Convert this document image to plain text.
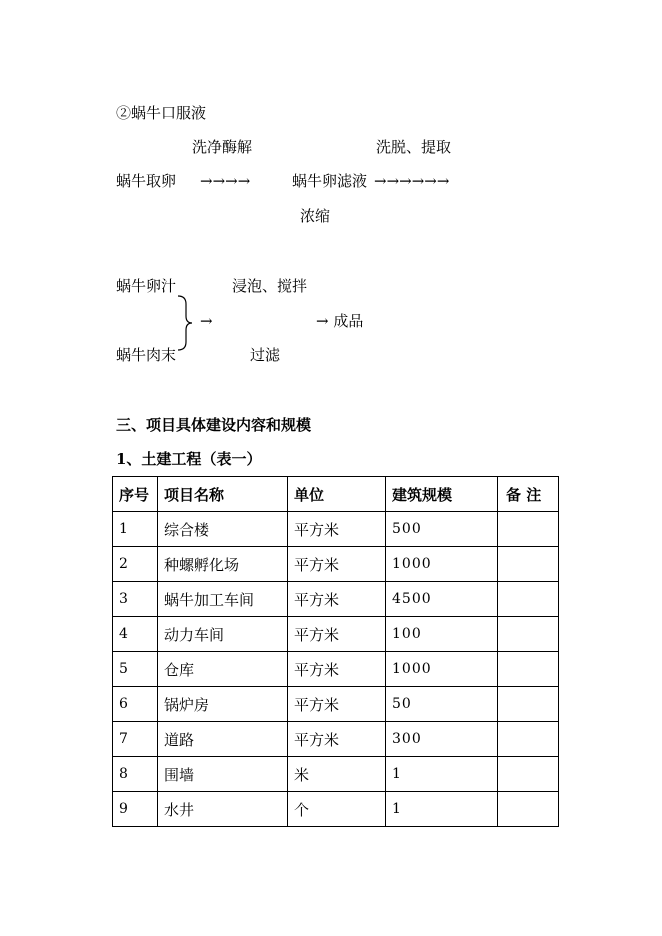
②蜗牛口服液
洗净酶解	洗脱、提取
蜗牛取卵 →→→→	蜗牛卵滤液 →→→→→→
浓缩
蜗牛卵汁	浸泡、搅拌
→	→ 成品
蜗牛肉末	过滤
三、项目具体建设内容和规模
1、土建工程（表一）
序号	项目名称	单位	建筑规模	备 注
1	综合楼	平方米	500	
2	种螺孵化场	平方米	1000	
3	蜗牛加工车间	平方米	4500	
4	动力车间	平方米	100	
5	仓库	平方米	1000	
6	锅炉房	平方米	50	
7	道路	平方米	300	
8	围墙	米	1	
9	水井	个	1	
